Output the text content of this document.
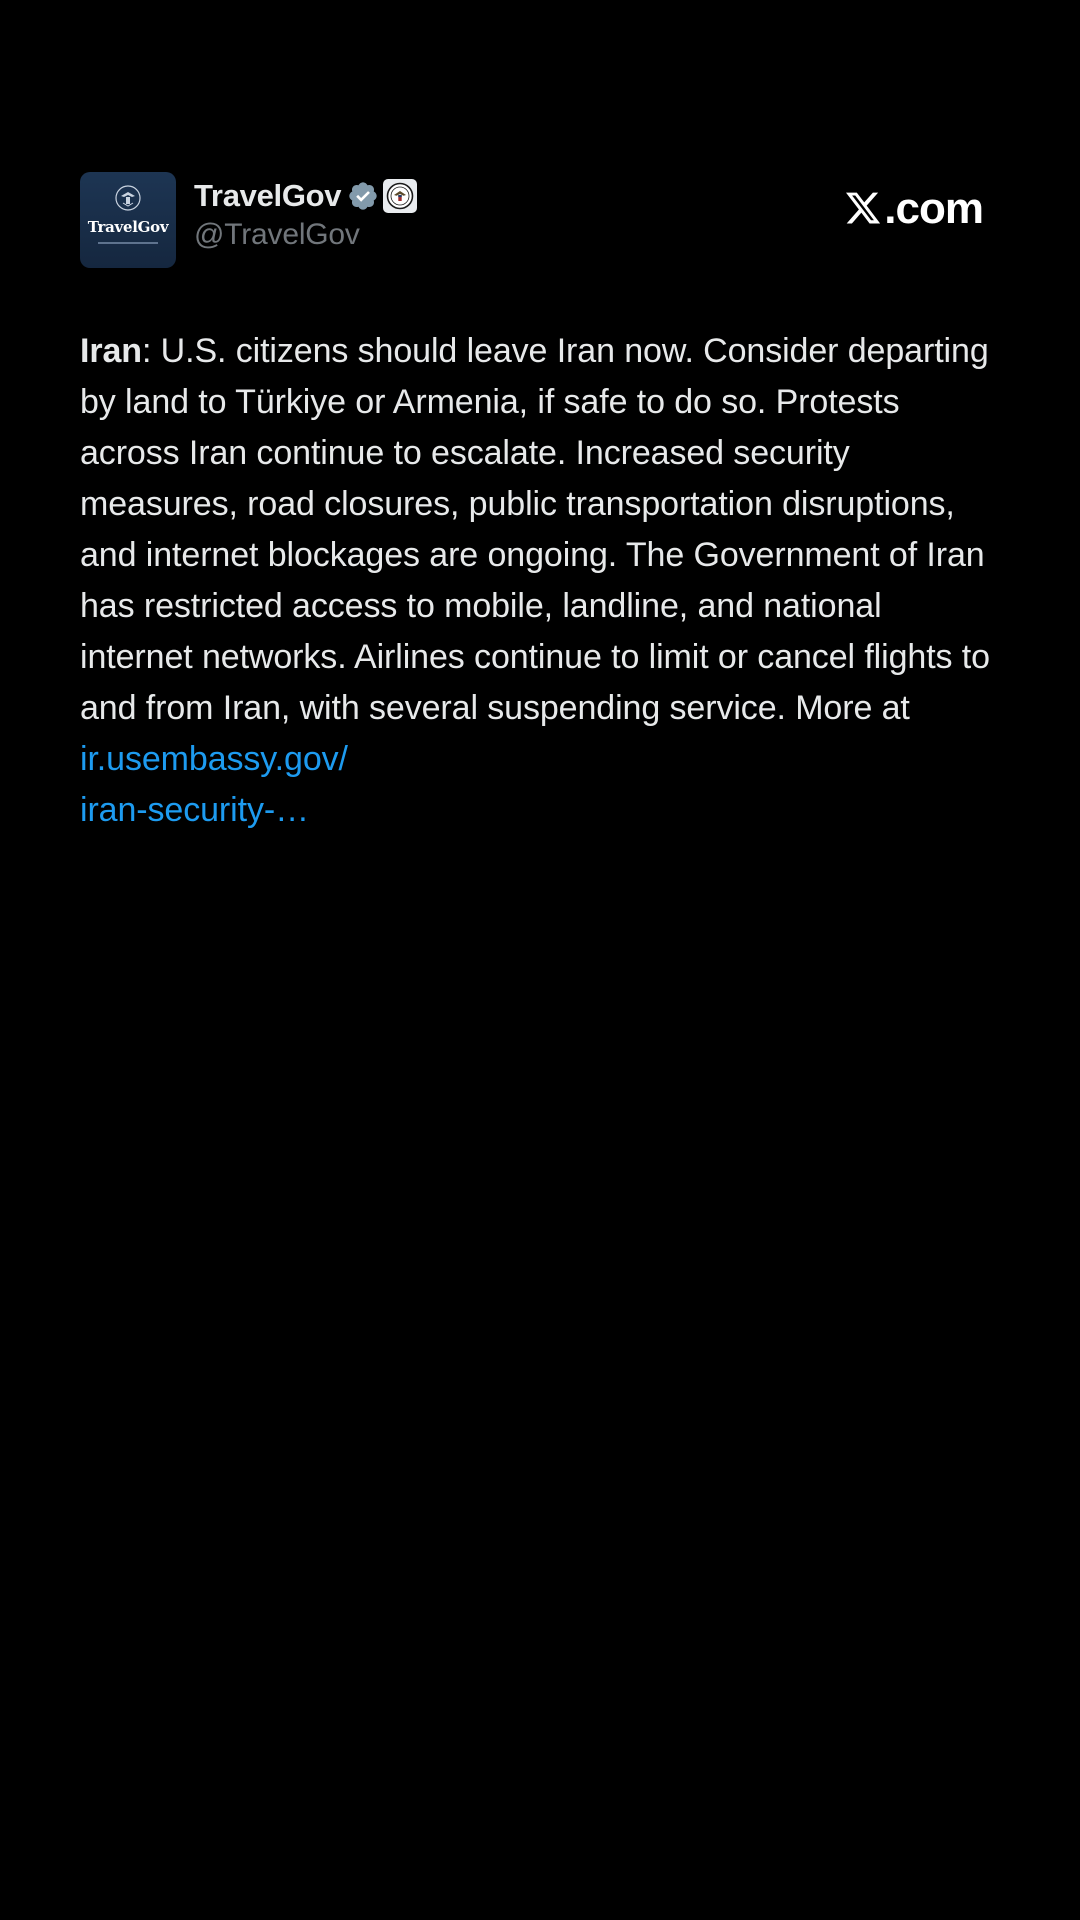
TravelGov
TravelGov
@TravelGov
.com
Iran: U.S. citizens should leave Iran now. Consider departing by land to Türkiye or Armenia, if safe to do so. Protests across Iran continue to escalate. Increased security measures, road closures, public transportation disruptions, and internet blockages are ongoing. The Government of Iran has restricted access to mobile, landline, and national internet networks. Airlines continue to limit or cancel flights to and from Iran, with several suspending service. More at ir.usembassy.gov/
iran-security-…
